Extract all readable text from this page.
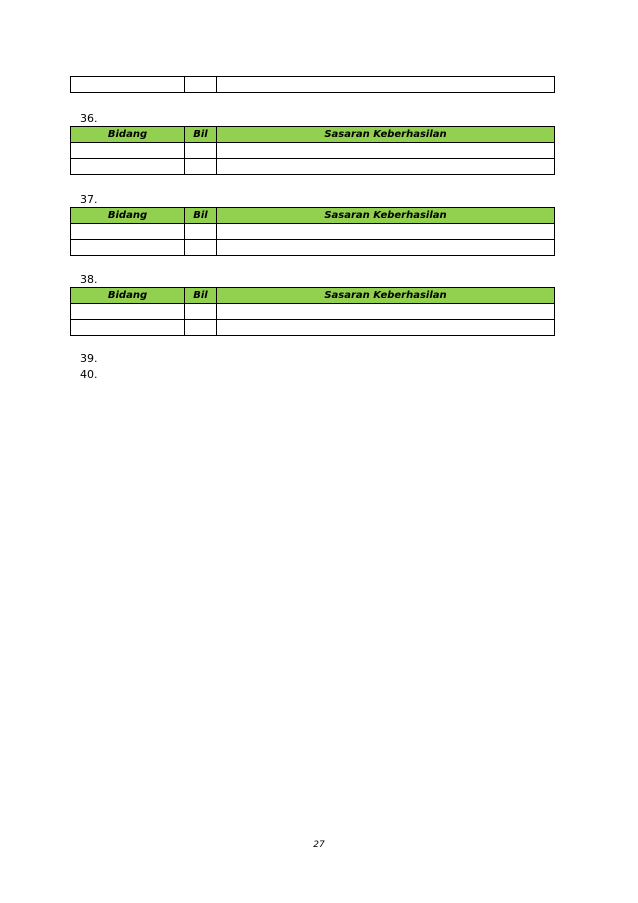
36.
Bidang	Bil	Sasaran Keberhasilan

37.
Bidang	Bil	Sasaran Keberhasilan

38.
Bidang	Bil	Sasaran Keberhasilan

39.
40.
27
